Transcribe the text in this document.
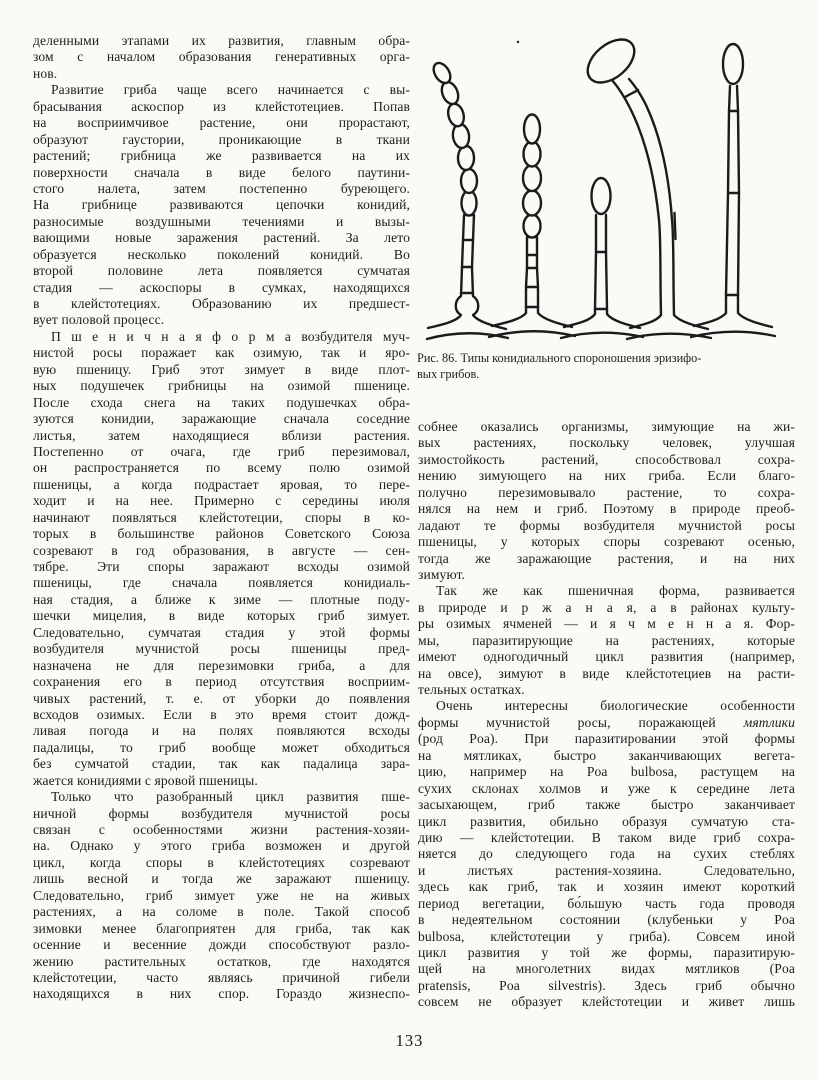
деленными этапами их развития, главным обра-
зом с началом образования генеративных орга-
нов.
Развитие гриба чаще всего начинается с вы-
брасывания аскоспор из клейстотециев. Попав
на восприимчивое растение, они прорастают,
образуют гаустории, проникающие в ткани
растений; грибница же развивается на их
поверхности сначала в виде белого паутини-
стого налета, затем постепенно буреющего.
На грибнице развиваются цепочки конидий,
разносимые воздушными течениями и вызы-
вающими новые заражения растений. За лето
образуется несколько поколений конидий. Во
второй половине лета появляется сумчатая
стадия — аскоспоры в сумках, находящихся
в клейстотециях. Образованию их предшест-
вует половой процесс.
П ш е н и ч н а я ф о р м а возбудителя муч-
нистой росы поражает как озимую, так и яро-
вую пшеницу. Гриб этот зимует в виде плот-
ных подушечек грибницы на озимой пшенице.
После схода снега на таких подушечках обра-
зуются конидии, заражающие сначала соседние
листья, затем находящиеся вблизи растения.
Постепенно от очага, где гриб перезимовал,
он распространяется по всему полю озимой
пшеницы, а когда подрастает яровая, то пере-
ходит и на нее. Примерно с середины июля
начинают появляться клейстотеции, споры в ко-
торых в большинстве районов Советского Союза
созревают в год образования, в августе — сен-
тябре. Эти споры заражают всходы озимой
пшеницы, где сначала появляется конидиаль-
ная стадия, а ближе к зиме — плотные поду-
шечки мицелия, в виде которых гриб зимует.
Следовательно, сумчатая стадия у этой формы
возбудителя мучнистой росы пшеницы пред-
назначена не для перезимовки гриба, а для
сохранения его в период отсутствия восприим-
чивых растений, т. е. от уборки до появления
всходов озимых. Если в это время стоит дожд-
ливая погода и на полях появляются всходы
падалицы, то гриб вообще может обходиться
без сумчатой стадии, так как падалица зара-
жается конидиями с яровой пшеницы.
Только что разобранный цикл развития пше-
ничной формы возбудителя мучнистой росы
связан с особенностями жизни растения-хозяи-
на. Однако у этого гриба возможен и другой
цикл, когда споры в клейстотециях созревают
лишь весной и тогда же заражают пшеницу.
Следовательно, гриб зимует уже не на живых
растениях, а на соломе в поле. Такой способ
зимовки менее благоприятен для гриба, так как
осенние и весенние дожди способствуют разло-
жению растительных остатков, где находятся
клейстотеции, часто являясь причиной гибели
находящихся в них спор. Гораздо жизнеспо-
Рис. 86. Типы конидиального спороношения эризифо-
вых грибов.
собнее оказались организмы, зимующие на жи-
вых растениях, поскольку человек, улучшая
зимостойкость растений, способствовал сохра-
нению зимующего на них гриба. Если благо-
получно перезимовывало растение, то сохра-
нялся на нем и гриб. Поэтому в природе преоб-
ладают те формы возбудителя мучнистой росы
пшеницы, у которых споры созревают осенью,
тогда же заражающие растения, и на них
зимуют.
Так же как пшеничная форма, развивается
в природе и р ж а н а я, а в районах культу-
ры озимых ячменей — и я ч м е н н а я. Фор-
мы, паразитирующие на растениях, которые
имеют одногодичный цикл развития (например,
на овсе), зимуют в виде клейстотециев на расти-
тельных остатках.
Очень интересны биологические особенности
формы мучнистой росы, поражающей мятлики
(род Poa). При паразитировании этой формы
на мятликах, быстро заканчивающих вегета-
цию, например на Poa bulbosa, растущем на
сухих склонах холмов и уже к середине лета
засыхающем, гриб также быстро заканчивает
цикл развития, обильно образуя сумчатую ста-
дию — клейстотеции. В таком виде гриб сохра-
няется до следующего года на сухих стеблях
и листьях растения-хозяина. Следовательно,
здесь как гриб, так и хозяин имеют короткий
период вегетации, бо́льшую часть года проводя
в недеятельном состоянии (клубеньки у Poa
bulbosa, клейстотеции у гриба). Совсем иной
цикл развития у той же формы, паразитирую-
щей на многолетних видах мятликов (Poa
pratensis, Poa silvestris). Здесь гриб обычно
совсем не образует клейстотеции и живет лишь
133
